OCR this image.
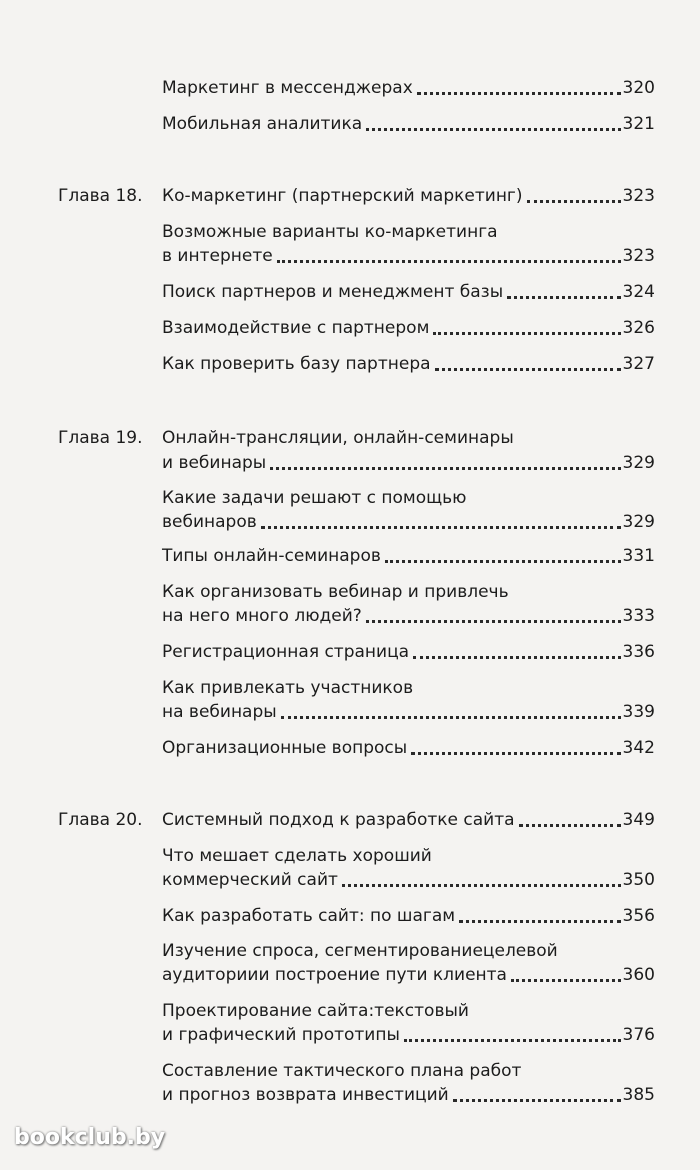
Маркетинг в мессенджерах	320
Мобильная аналитика	321
Глава 18. Ко-маркетинг (партнерский маркетинг)	323
Возможные варианты ко-маркетинга
в интернете	323
Поиск партнеров и менеджмент базы	324
Взаимодействие с партнером	326
Как проверить базу партнера	327
Глава 19. Онлайн-трансляции, онлайн-семинары
и вебинары	329
Какие задачи решают с помощью
вебинаров	329
Типы онлайн-семинаров	331
Как организовать вебинар и привлечь
на него много людей?	333
Регистрационная страница	336
Как привлекать участников
на вебинары	339
Организационные вопросы	342
Глава 20. Системный подход к разработке сайта	349
Что мешает сделать хороший
коммерческий сайт	350
Как разработать сайт: по шагам	356
Изучение спроса, сегментированиецелевой
аудиториии построение пути клиента	360
Проектирование сайта:текстовый
и графический прототипы	376
Составление тактического плана работ
и прогноз возврата инвестиций	385
bookclub.by
